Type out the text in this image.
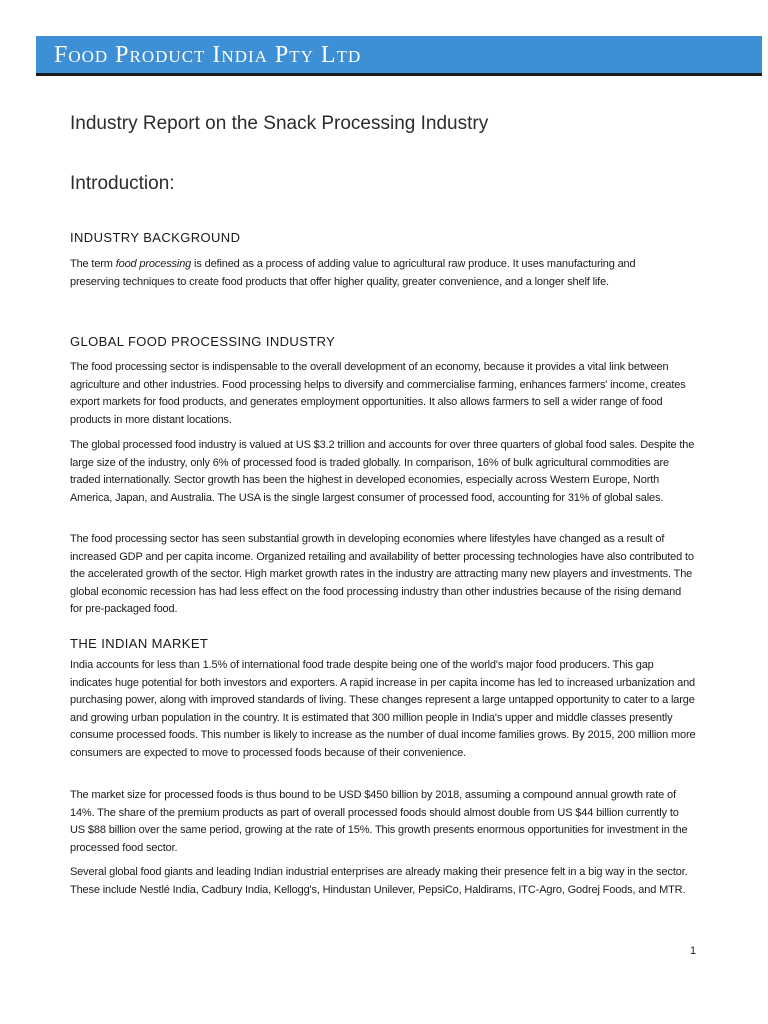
Food Product India Pty Ltd
Industry Report on the Snack Processing Industry
Introduction:
INDUSTRY BACKGROUND

The term food processing is defined as a process of adding value to agricultural raw produce. It uses manufacturing and preserving techniques to create food products that offer higher quality, greater convenience, and a longer shelf life.

GLOBAL FOOD PROCESSING INDUSTRY

The food processing sector is indispensable to the overall development of an economy, because it provides a vital link between agriculture and other industries. Food processing helps to diversify and commercialise farming, enhances farmers' income, creates export markets for food products, and generates employment opportunities. It also allows farmers to sell a wider range of food products in more distant locations.

The global processed food industry is valued at US $3.2 trillion and accounts for over three quarters of global food sales. Despite the large size of the industry, only 6% of processed food is traded globally. In comparison, 16% of bulk agricultural commodities are traded internationally. Sector growth has been the highest in developed economies, especially across Western Europe, North America, Japan, and Australia. The USA is the single largest consumer of processed food, accounting for 31% of global sales.

The food processing sector has seen substantial growth in developing economies where lifestyles have changed as a result of increased GDP and per capita income. Organized retailing and availability of better processing technologies have also contributed to the accelerated growth of the sector. High market growth rates in the industry are attracting many new players and investments. The global economic recession has had less effect on the food processing industry than other industries because of the rising demand for pre-packaged food.

THE INDIAN MARKET

India accounts for less than 1.5% of international food trade despite being one of the world's major food producers. This gap indicates huge potential for both investors and exporters. A rapid increase in per capita income has led to increased urbanization and purchasing power, along with improved standards of living. These changes represent a large untapped opportunity to cater to a large and growing urban population in the country. It is estimated that 300 million people in India's upper and middle classes presently consume processed foods. This number is likely to increase as the number of dual income families grows. By 2015, 200 million more consumers are expected to move to processed foods because of their convenience.

The market size for processed foods is thus bound to be USD $450 billion by 2018, assuming a compound annual growth rate of 14%. The share of the premium products as part of overall processed foods should almost double from US $44 billion currently to US $88 billion over the same period, growing at the rate of 15%. This growth presents enormous opportunities for investment in the processed food sector.

Several global food giants and leading Indian industrial enterprises are already making their presence felt in a big way in the sector. These include Nestlé India, Cadbury India, Kellogg's, Hindustan Unilever, PepsiCo, Haldirams, ITC-Agro, Godrej Foods, and MTR.

1
